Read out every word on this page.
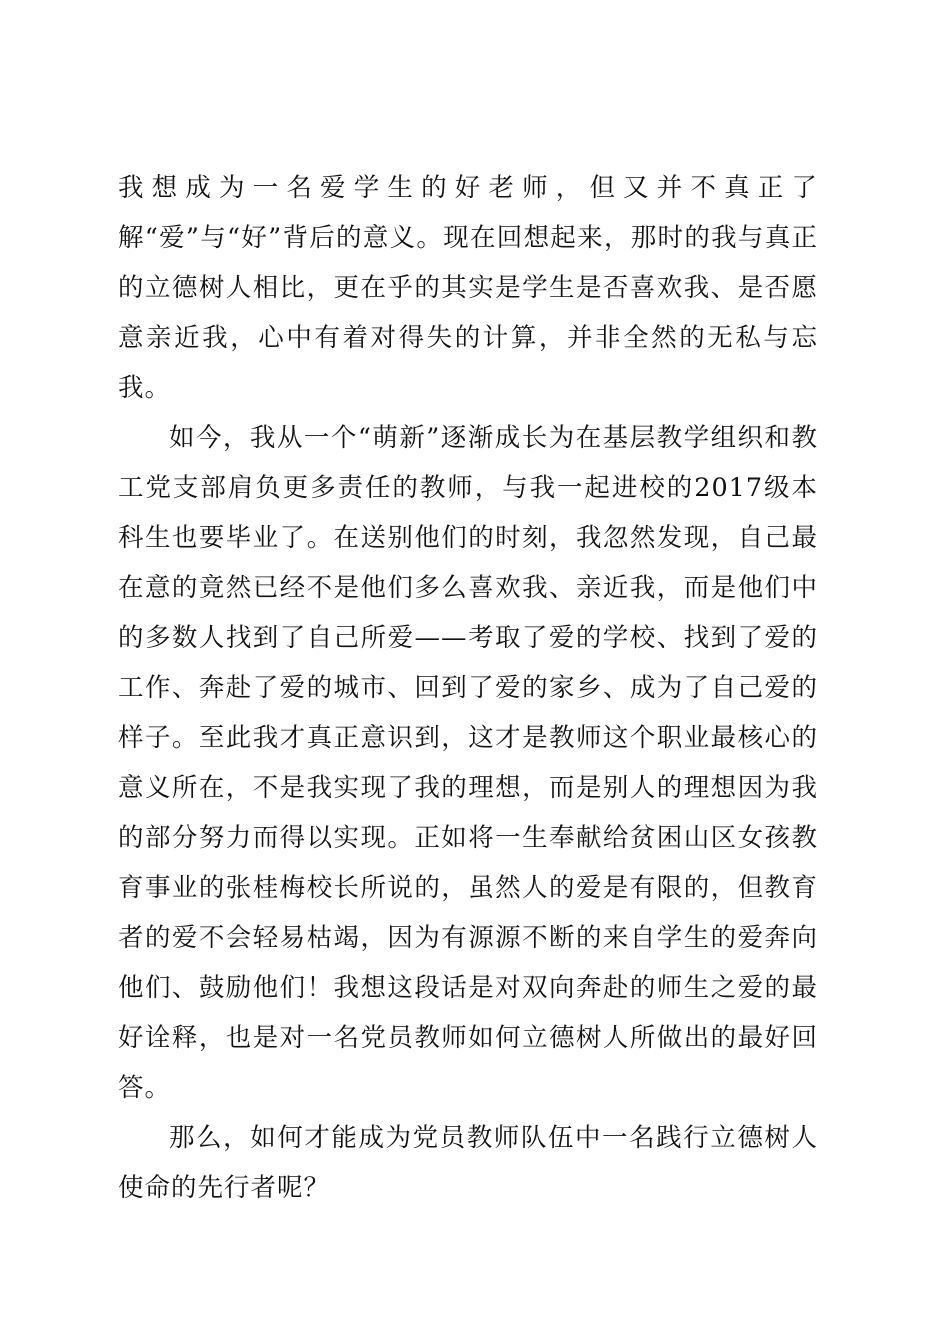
我想成为一名爱学生的好老师，但又并不真正了解“爱”与“好”背后的意义。现在回想起来，那时的我与真正的立德树人相比，更在乎的其实是学生是否喜欢我、是否愿意亲近我，心中有着对得失的计算，并非全然的无私与忘我。

如今，我从一个“萌新”逐渐成长为在基层教学组织和教工党支部肩负更多责任的教师，与我一起进校的2017级本科生也要毕业了。在送别他们的时刻，我忽然发现，自己最在意的竟然已经不是他们多么喜欢我、亲近我，而是他们中的多数人找到了自己所爱——考取了爱的学校、找到了爱的工作、奔赴了爱的城市、回到了爱的家乡、成为了自己爱的样子。至此我才真正意识到，这才是教师这个职业最核心的意义所在，不是我实现了我的理想，而是别人的理想因为我的部分努力而得以实现。正如将一生奉献给贫困山区女孩教育事业的张桂梅校长所说的，虽然人的爱是有限的，但教育者的爱不会轻易枯竭，因为有源源不断的来自学生的爱奔向他们、鼓励他们！我想这段话是对双向奔赴的师生之爱的最好诠释，也是对一名党员教师如何立德树人所做出的最好回答。

那么，如何才能成为党员教师队伍中一名践行立德树人使命的先行者呢？
